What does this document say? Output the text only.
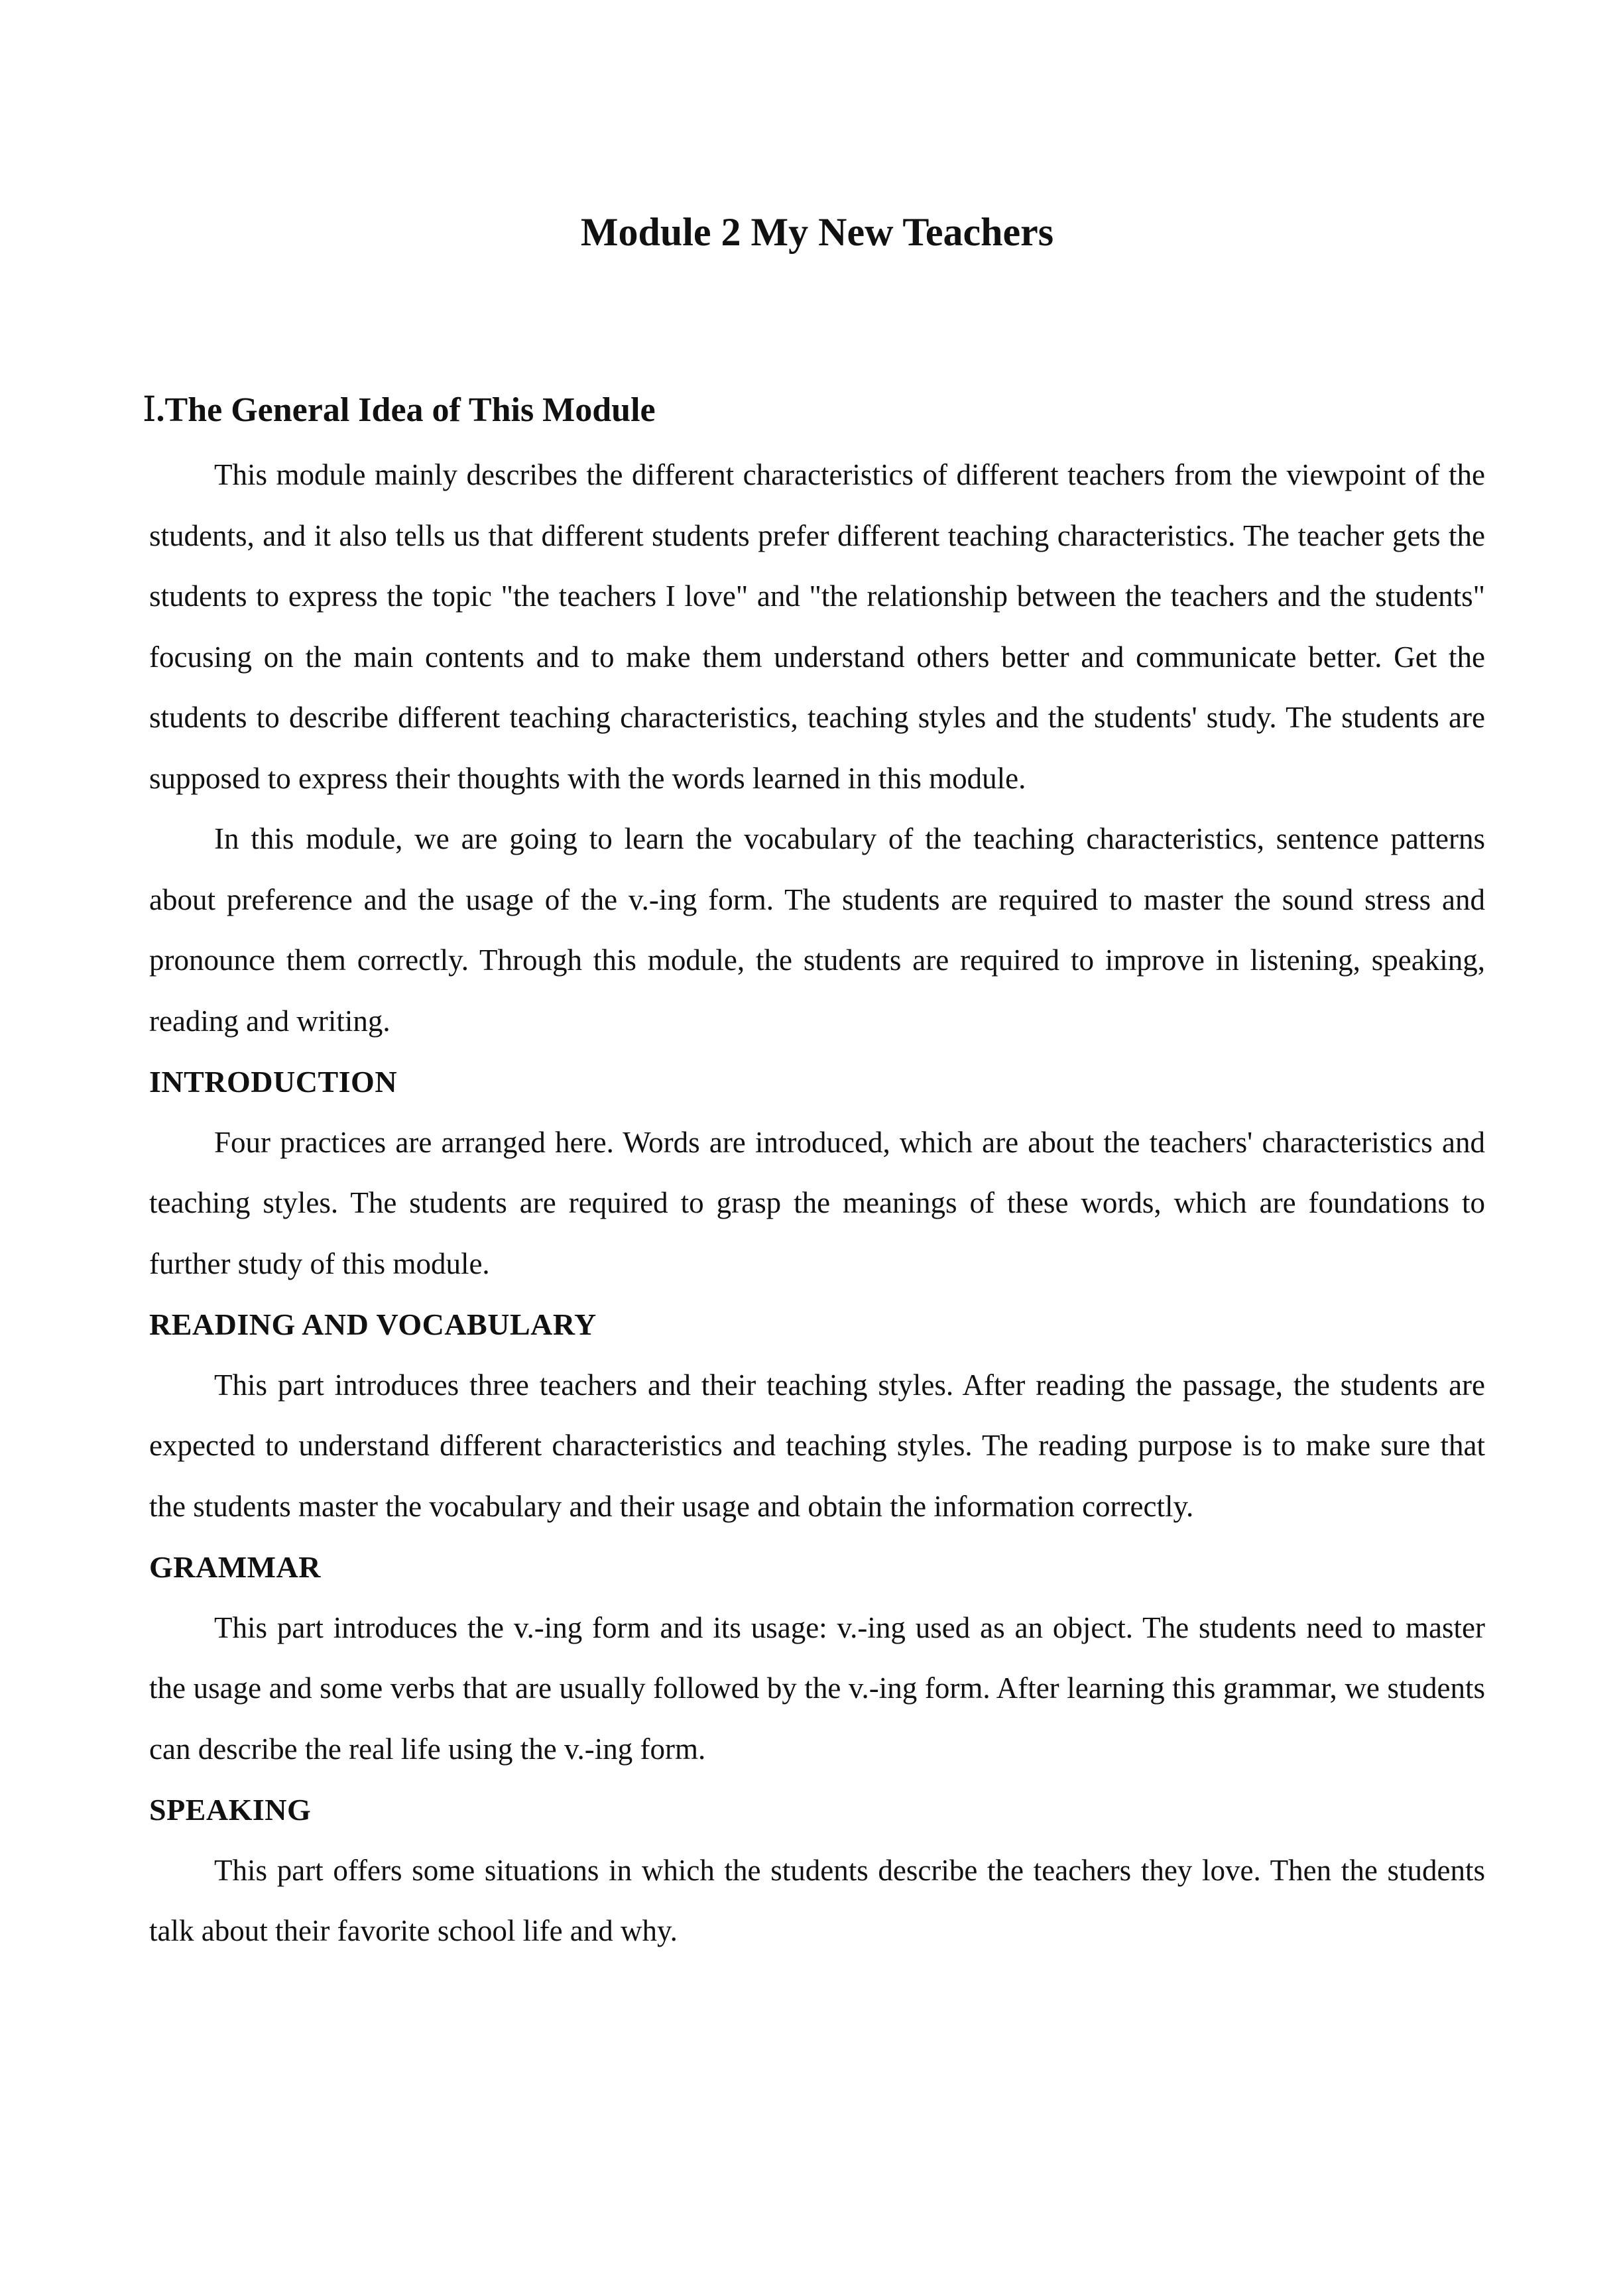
Module 2 My New Teachers
Ⅰ.The General Idea of This Module

This module mainly describes the different characteristics of different teachers from the viewpoint of the students, and it also tells us that different students prefer different teaching characteristics. The teacher gets the students to express the topic "the teachers I love" and "the relationship between the teachers and the students" focusing on the main contents and to make them understand others better and communicate better. Get the students to describe different teaching characteristics, teaching styles and the students' study. The students are supposed to express their thoughts with the words learned in this module.

In this module, we are going to learn the vocabulary of the teaching characteristics, sentence patterns about preference and the usage of the v.-ing form. The students are required to master the sound stress and pronounce them correctly. Through this module, the students are required to improve in listening, speaking, reading and writing.

INTRODUCTION

Four practices are arranged here. Words are introduced, which are about the teachers' characteristics and teaching styles. The students are required to grasp the meanings of these words, which are foundations to further study of this module.

READING AND VOCABULARY

This part introduces three teachers and their teaching styles. After reading the passage, the students are expected to understand different characteristics and teaching styles. The reading purpose is to make sure that the students master the vocabulary and their usage and obtain the information correctly.

GRAMMAR

This part introduces the v.-ing form and its usage: v.-ing used as an object. The students need to master the usage and some verbs that are usually followed by the v.-ing form. After learning this grammar, we students can describe the real life using the v.-ing form.

SPEAKING

This part offers some situations in which the students describe the teachers they love. Then the students talk about their favorite school life and why.
